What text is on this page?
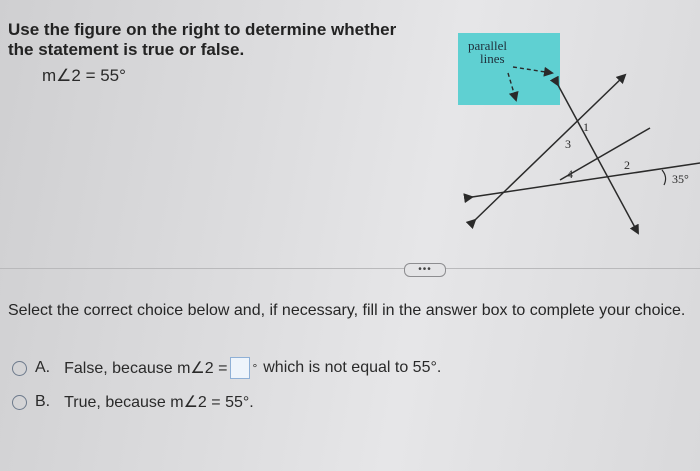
Use the figure on the right to determine whether the statement is true or false.
m∠2 = 55°
parallel
lines
1
2
3
4	35°
•••
Select the correct choice below and, if necessary, fill in the answer box to complete your choice.
A. False, because m∠2 = ° which is not equal to 55°.
B. True, because m∠2 = 55°.
